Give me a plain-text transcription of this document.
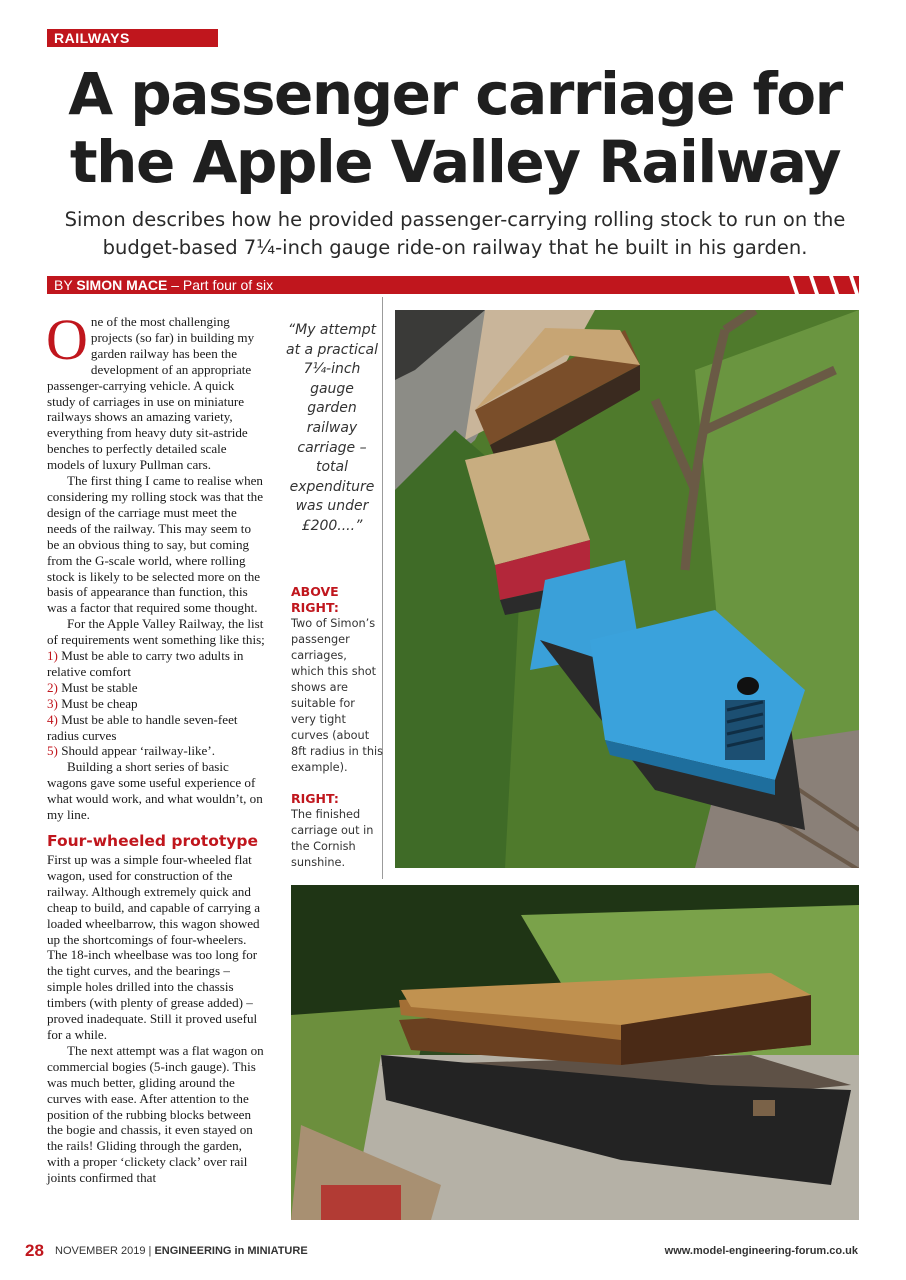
RAILWAYS
A passenger carriage for the Apple Valley Railway

Simon describes how he provided passenger-carrying rolling stock to run on the budget-based 7¼-inch gauge ride-on railway that he built in his garden.

BY SIMON MACE – Part four of six

One of the most challenging projects (so far) in building my garden railway has been the development of an appropriate passenger-carrying vehicle. A quick study of carriages in use on miniature railways shows an amazing variety, everything from heavy duty sit-astride benches to perfectly detailed scale models of luxury Pullman cars.

The first thing I came to realise when considering my rolling stock was that the design of the carriage must meet the needs of the railway. This may seem to be an obvious thing to say, but coming from the G-scale world, where rolling stock is likely to be selected more on the basis of appearance than function, this was a factor that required some thought.

For the Apple Valley Railway, the list of requirements went something like this;

1) Must be able to carry two adults in relative comfort
2) Must be stable
3) Must be cheap
4) Must be able to handle seven-feet radius curves
5) Should appear ‘railway-like’.

Building a short series of basic wagons gave some useful experience of what would work, and what wouldn’t, on my line.

Four-wheeled prototype

First up was a simple four-wheeled flat wagon, used for construction of the railway. Although extremely quick and cheap to build, and capable of carrying a loaded wheelbarrow, this wagon showed up the shortcomings of four-wheelers. The 18-inch wheelbase was too long for the tight curves, and the bearings – simple holes drilled into the chassis timbers (with plenty of grease added) – proved inadequate. Still it proved useful for a while.

The next attempt was a flat wagon on commercial bogies (5-inch gauge). This was much better, gliding around the curves with ease. After attention to the position of the rubbing blocks between the bogie and chassis, it even stayed on the rails! Gliding through the garden, with a proper ‘clickety clack’ over rail joints confirmed that

“My attempt at a practical 7¼-inch gauge garden railway carriage – total expenditure was under £200....”

ABOVE RIGHT:
Two of Simon’s passenger carriages, which this shot shows are suitable for very tight curves (about 8ft radius in this example).

RIGHT:
The finished carriage out in the Cornish sunshine.

28 NOVEMBER 2019 | ENGINEERING in MINIATURE	www.model-engineering-forum.co.uk
